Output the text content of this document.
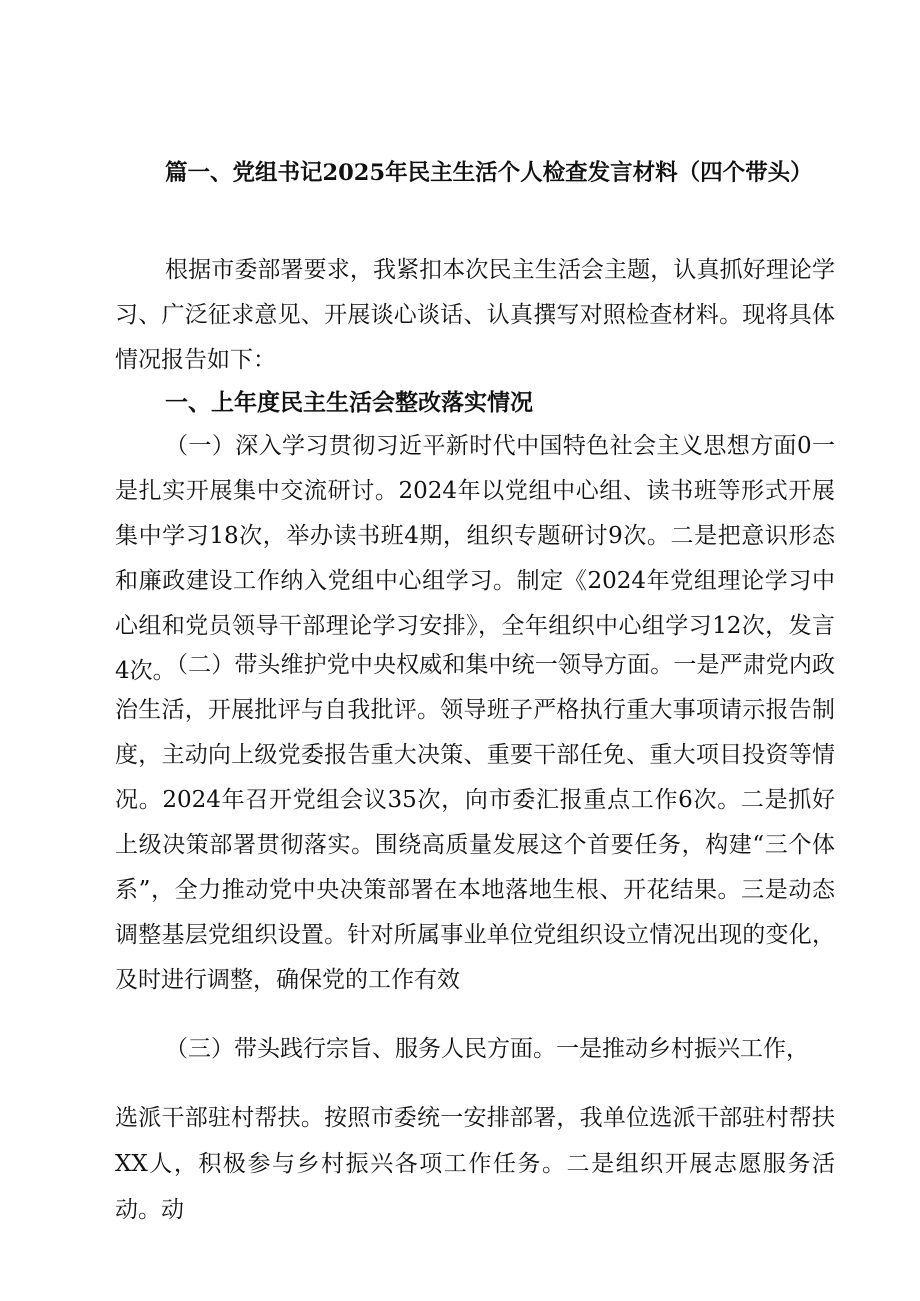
篇一、党组书记2025年民主生活个人检查发言材料（四个带头）
根据市委部署要求，我紧扣本次民主生活会主题，认真抓好理论学习、广泛征求意见、开展谈心谈话、认真撰写对照检查材料。现将具体情况报告如下：
一、上年度民主生活会整改落实情况
（一）深入学习贯彻习近平新时代中国特色社会主义思想方面0一是扎实开展集中交流研讨。2024年以党组中心组、读书班等形式开展集中学习18次，举办读书班4期，组织专题研讨9次。二是把意识形态和廉政建设工作纳入党组中心组学习。制定《2024年党组理论学习中心组和党员领导干部理论学习安排》，全年组织中心组学习12次，发言4次。
（二）带头维护党中央权威和集中统一领导方面。一是严肃党内政治生活，开展批评与自我批评。领导班子严格执行重大事项请示报告制度，主动向上级党委报告重大决策、重要干部任免、重大项目投资等情况。2024年召开党组会议35次，向市委汇报重点工作6次。二是抓好上级决策部署贯彻落实。围绕高质量发展这个首要任务，构建“三个体系”，全力推动党中央决策部署在本地落地生根、开花结果。三是动态调整基层党组织设置。针对所属事业单位党组织设立情况出现的变化，及时进行调整，确保党的工作有效
（三）带头践行宗旨、服务人民方面。一是推动乡村振兴工作，
选派干部驻村帮扶。按照市委统一安排部署，我单位选派干部驻村帮扶XX人，积极参与乡村振兴各项工作任务。二是组织开展志愿服务活动。动
